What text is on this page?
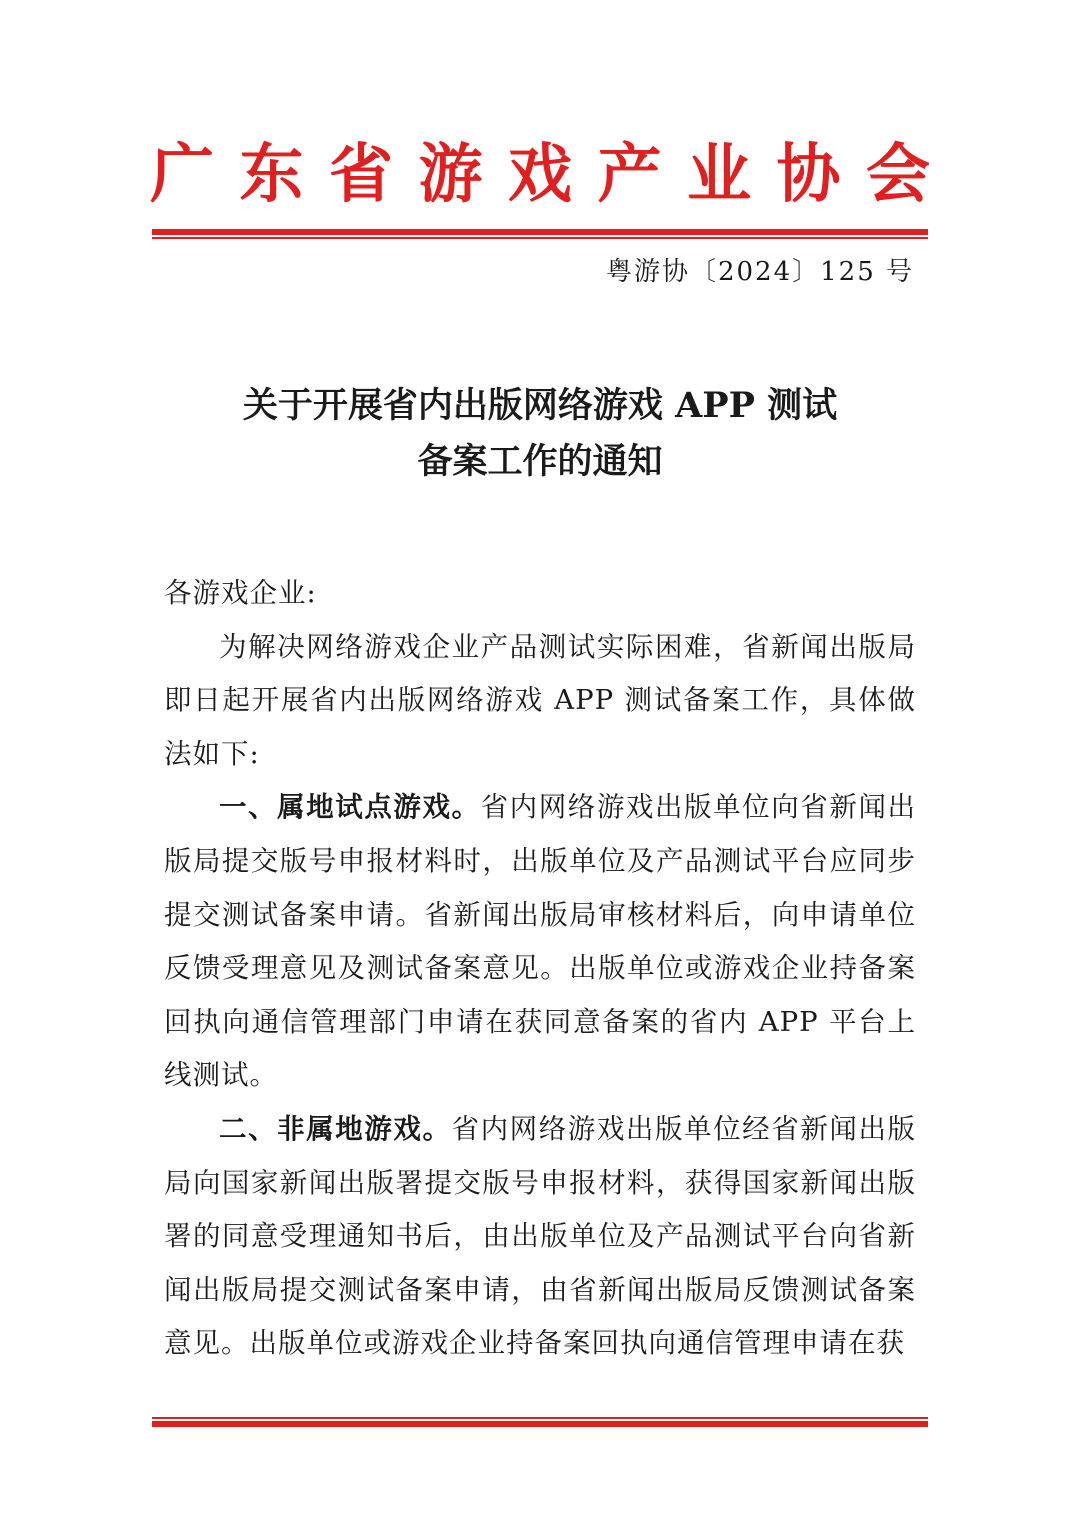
广 东 省 游 戏 产 业 协 会
粤游协〔2024〕125 号
关于开展省内出版网络游戏 APP 测试
备案工作的通知

各游戏企业:

为解决网络游戏企业产品测试实际困难，省新闻出版局即日起开展省内出版网络游戏 APP 测试备案工作，具体做法如下:

一、属地试点游戏。省内网络游戏出版单位向省新闻出版局提交版号申报材料时，出版单位及产品测试平台应同步提交测试备案申请。省新闻出版局审核材料后，向申请单位反馈受理意见及测试备案意见。出版单位或游戏企业持备案回执向通信管理部门申请在获同意备案的省内 APP 平台上线测试。

二、非属地游戏。省内网络游戏出版单位经省新闻出版局向国家新闻出版署提交版号申报材料，获得国家新闻出版署的同意受理通知书后，由出版单位及产品测试平台向省新闻出版局提交测试备案申请，由省新闻出版局反馈测试备案意见。出版单位或游戏企业持备案回执向通信管理申请在获
